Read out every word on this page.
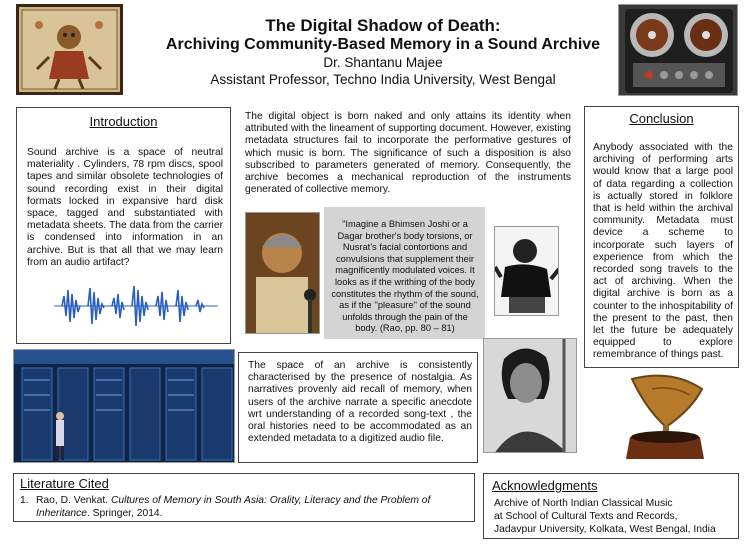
The Digital Shadow of Death:
Archiving Community-Based Memory in a Sound Archive
Dr. Shantanu Majee
Assistant Professor, Techno India University, West Bengal
Introduction
Sound archive is a space of neutral materiality . Cylinders, 78 rpm discs, spool tapes and similar obsolete technologies of sound recording exist in their digital formats locked in expansive hard disk space, tagged and substantiated with metadata sheets. The data from the carrier is condensed into information in an archive. But is that all that we may learn from an audio artifact?
The digital object is born naked and only attains its identity when attributed with the lineament of supporting document. However, existing metadata structures fail to incorporate the performative gestures of which music is born. The significance of such a disposition is also subscribed to parameters generated of memory. Consequently, the archive becomes a mechanical reproduction of the instruments generated of collective memory.
"Imagine a Bhimsen Joshi or a Dagar brother's body torsions, or Nusrat's facial contortions and convulsions that supplement their magnificently modulated voices. It looks as if the writhing of the body constitutes the rhythm of the sound, as if the ''pleasure'' of the sound unfolds through the pain of the body. (Rao, pp. 80 – 81)
The space of an archive is consistently characterised by the presence of nostalgia. As narratives provenly aid recall of memory, when users of the archive narrate a specific anecdote wrt understanding of a recorded song-text , the oral histories need to be accommodated as an extended metadata to a digitized audio file.
Conclusion
Anybody associated with the archiving of performing arts would know that a large pool of data regarding a collection is actually stored in folklore that is held within the archival community. Metadata must device a scheme to incorporate such layers of experience from which the recorded song travels to the act of archiving. When the digital archive is born as a counter to the inhospitability of the present to the past, then let the future be adequately equipped to explore remembrance of things past.
Literature Cited
1. Rao, D. Venkat. Cultures of Memory in South Asia: Orality, Literacy and the Problem of Inheritance. Springer, 2014.
Acknowledgments
Archive of North Indian Classical Music
at School of Cultural Texts and Records,
Jadavpur University, Kolkata, West Bengal, India
